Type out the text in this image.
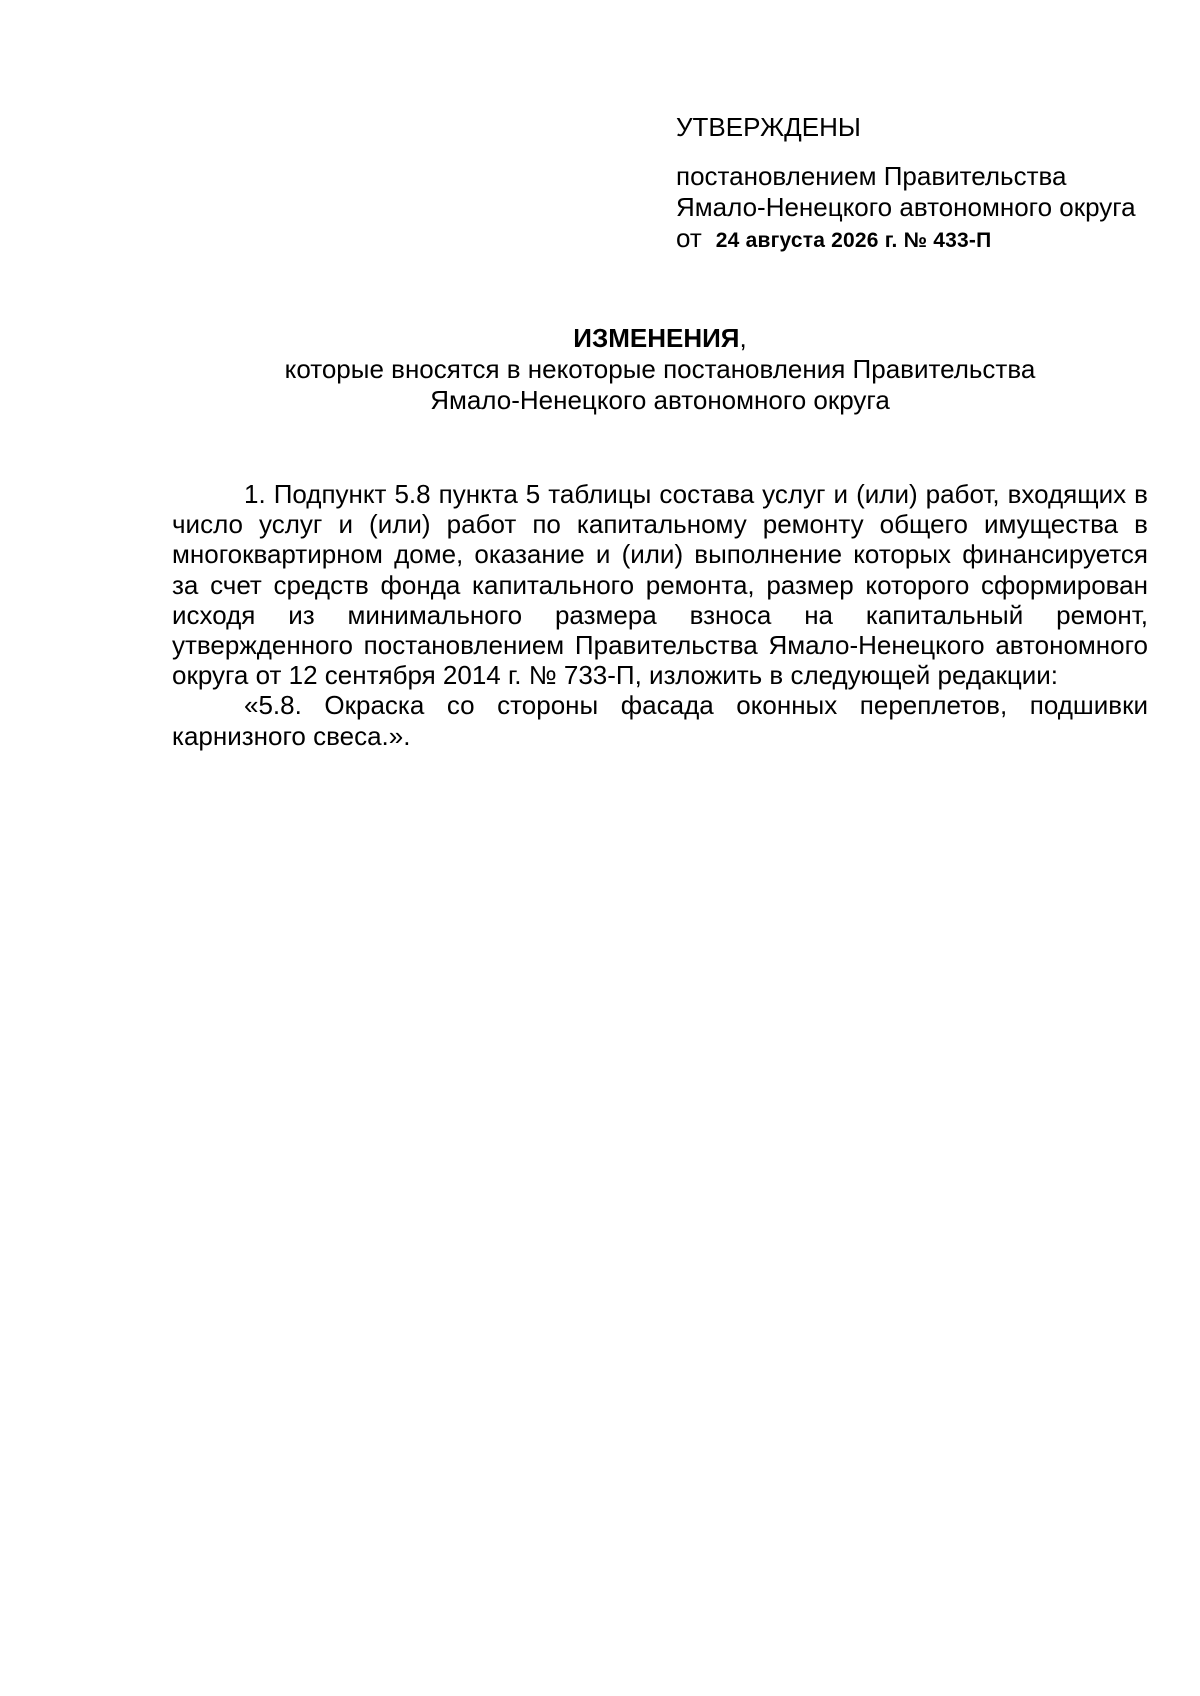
УТВЕРЖДЕНЫ
постановлением Правительства
Ямало-Ненецкого автономного округа
от 24 августа 2026 г. № 433-П
ИЗМЕНЕНИЯ,
которые вносятся в некоторые постановления Правительства
Ямало-Ненецкого автономного округа

1. Подпункт 5.8 пункта 5 таблицы состава услуг и (или) работ, входящих в число услуг и (или) работ по капитальному ремонту общего имущества в многоквартирном доме, оказание и (или) выполнение которых финансируется за счет средств фонда капитального ремонта, размер которого сформирован исходя из минимального размера взноса на капитальный ремонт, утвержденного постановлением Правительства Ямало-Ненецкого автономного округа от 12 сентября 2014 г. № 733-П, изложить в следующей редакции:

«5.8. Окраска со стороны фасада оконных переплетов, подшивки карнизного свеса.».
